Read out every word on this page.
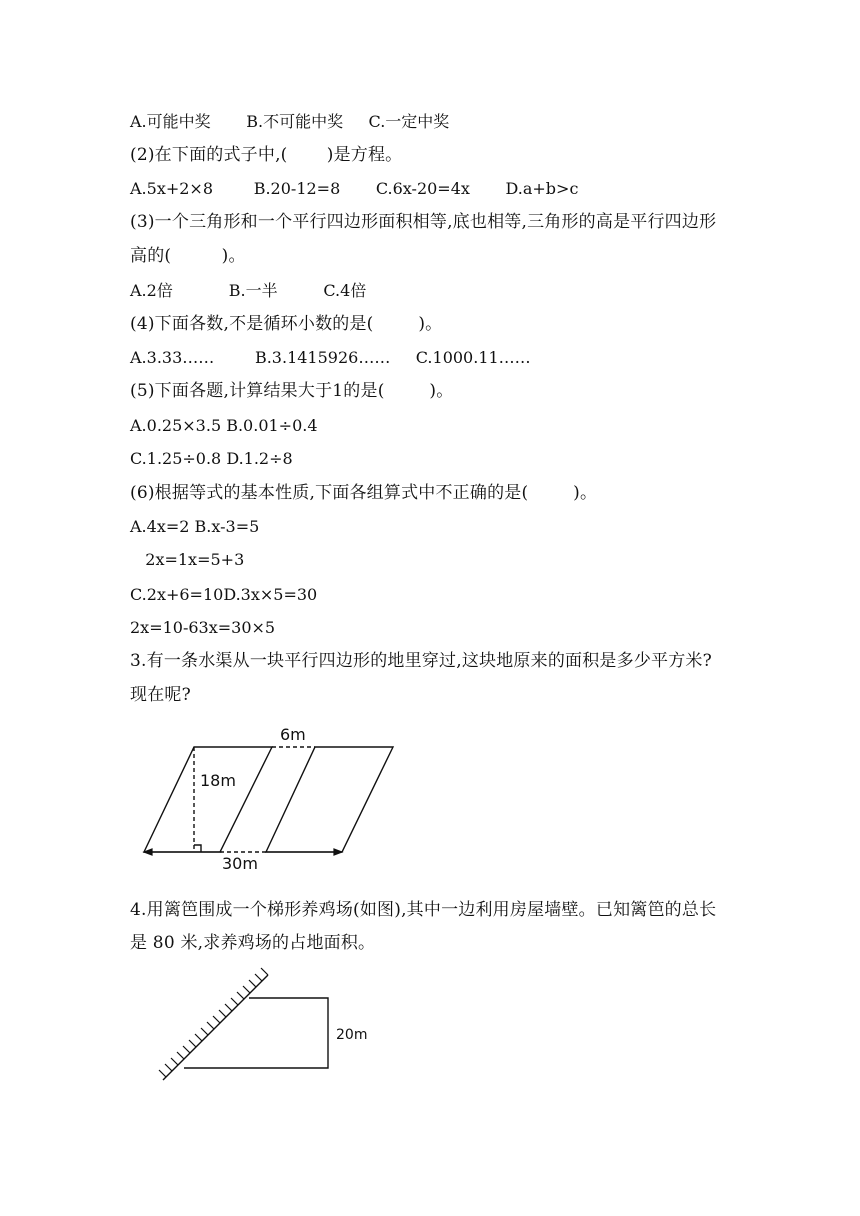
A.可能中奖       B.不可能中奖     C.一定中奖
(2)在下面的式子中,(       )是方程。
A.5x+2×8        B.20-12=8       C.6x-20=4x       D.a+b>c
(3)一个三角形和一个平行四边形面积相等,底也相等,三角形的高是平行四边形
高的(         )。
A.2倍           B.一半         C.4倍
(4)下面各数,不是循环小数的是(        )。
A.3.33……        B.3.1415926……     C.1000.11……
(5)下面各题,计算结果大于1的是(        )。
A.0.25×3.5 B.0.01÷0.4
C.1.25÷0.8 D.1.2÷8
(6)根据等式的基本性质,下面各组算式中不正确的是(        )。
A.4x=2 B.x-3=5
2x=1x=5+3
C.2x+6=10D.3x×5=30
2x=10-63x=30×5
3.有一条水渠从一块平行四边形的地里穿过,这块地原来的面积是多少平方米?
现在呢?
4.用篱笆围成一个梯形养鸡场(如图),其中一边利用房屋墙壁。已知篱笆的总长
是 80 米,求养鸡场的占地面积。
6m
18m
30m
20m
